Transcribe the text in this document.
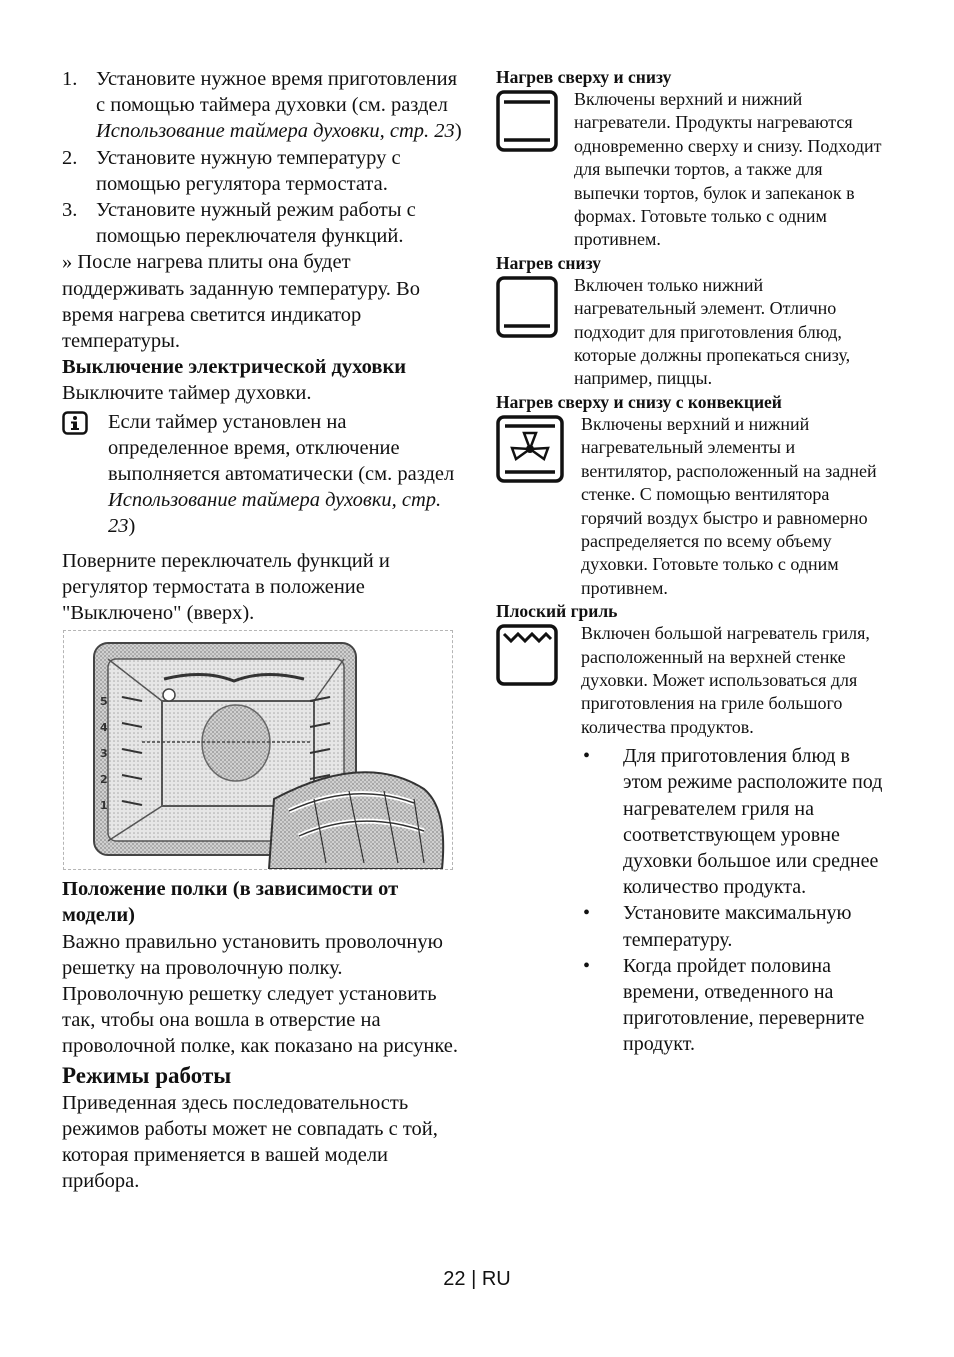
1. Установите нужное время приготовления с помощью таймера духовки (см. раздел Использование таймера духовки, стр. 23)
2. Установите нужную температуру с помощью регулятора термостата.
3. Установите нужный режим работы с помощью переключателя функций.

» После нагрева плиты она будет поддерживать заданную температуру. Во время нагрева светится индикатор температуры.

Выключение электрической духовки

Выключите таймер духовки.

Если таймер установлен на определенное время, отключение выполняется автоматически (см. раздел Использование таймера духовки, стр. 23)

Поверните переключатель функций и регулятор термостата в положение "Выключено" (вверх).

5
4
3
2
1

Положение полки (в зависимости от модели)

Важно правильно установить проволочную решетку на проволочную полку. Проволочную решетку следует установить так, чтобы она вошла в отверстие на проволочной полке, как показано на рисунке.

Режимы работы

Приведенная здесь последовательность режимов работы может не совпадать с той, которая применяется в вашей модели прибора.

Нагрев сверху и снизу
Включены верхний и нижний нагреватели. Продукты нагреваются одновременно сверху и снизу. Подходит для выпечки тортов, а также для выпечки тортов, булок и запеканок в формах. Готовьте только с одним противнем.
Нагрев снизу
Включен только нижний нагревательный элемент. Отлично подходит для приготовления блюд, которые должны пропекаться снизу, например, пиццы.
Нагрев сверху и снизу с конвекцией
Включены верхний и нижний нагревательный элементы и вентилятор, расположенный на задней стенке. С помощью вентилятора горячий воздух быстро и равномерно распределяется по всему объему духовки. Готовьте только с одним противнем.
Плоский гриль
Включен большой нагреватель гриля, расположенный на верхней стенке духовки. Может использоваться для приготовления на гриле большого количества продуктов.
•	Для приготовления блюд в этом режиме расположите под нагревателем гриля на соответствующем уровне духовки большое или среднее количество продукта.
•	Установите максимальную температуру.
•	Когда пройдет половина времени, отведенного на приготовление, переверните продукт.
22 | RU
